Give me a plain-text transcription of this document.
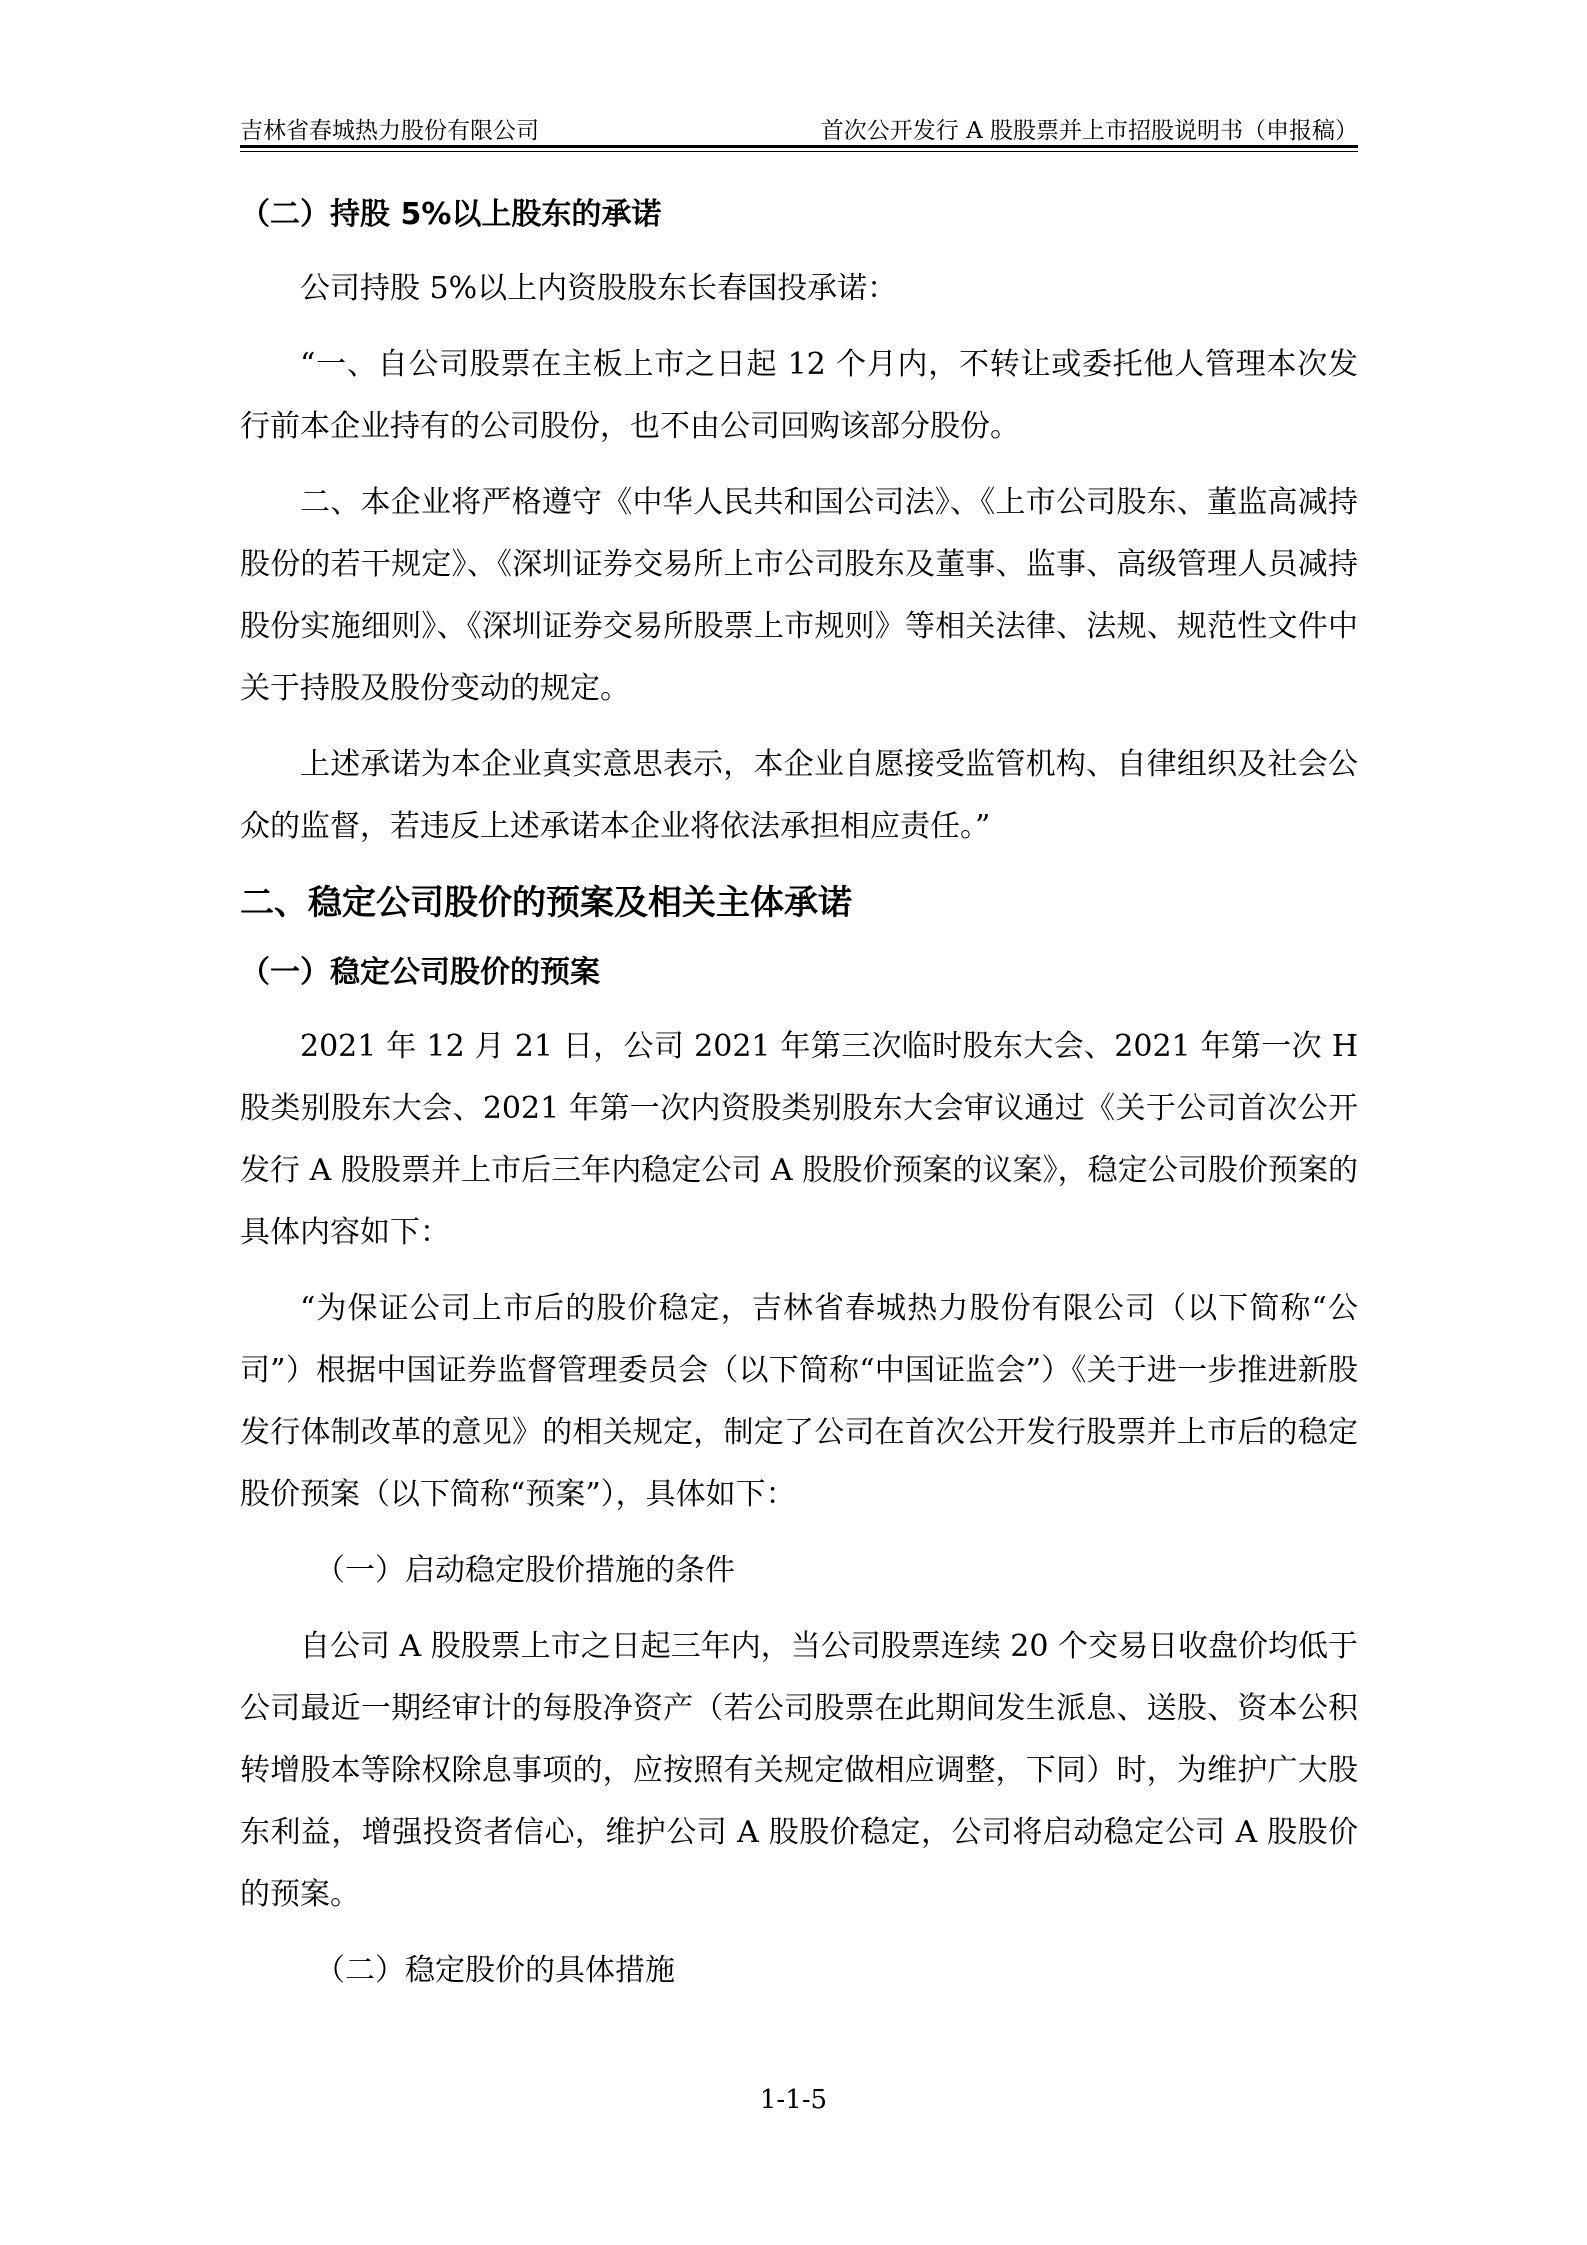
吉林省春城热力股份有限公司	首次公开发行 A 股股票并上市招股说明书（申报稿）
（二）持股 5%以上股东的承诺

公司持股 5%以上内资股股东长春国投承诺：

“一、自公司股票在主板上市之日起 12 个月内，不转让或委托他人管理本次发行前本企业持有的公司股份，也不由公司回购该部分股份。

二、本企业将严格遵守《中华人民共和国公司法》、《上市公司股东、董监高减持股份的若干规定》、《深圳证券交易所上市公司股东及董事、监事、高级管理人员减持股份实施细则》、《深圳证券交易所股票上市规则》等相关法律、法规、规范性文件中关于持股及股份变动的规定。

上述承诺为本企业真实意思表示，本企业自愿接受监管机构、自律组织及社会公众的监督，若违反上述承诺本企业将依法承担相应责任。”

二、稳定公司股价的预案及相关主体承诺
（一）稳定公司股价的预案

2021 年 12 月 21 日，公司 2021 年第三次临时股东大会、2021 年第一次 H 股类别股东大会、2021 年第一次内资股类别股东大会审议通过《关于公司首次公开发行 A 股股票并上市后三年内稳定公司 A 股股价预案的议案》，稳定公司股价预案的具体内容如下：

“为保证公司上市后的股价稳定，吉林省春城热力股份有限公司（以下简称“公司”）根据中国证券监督管理委员会（以下简称“中国证监会”）《关于进一步推进新股发行体制改革的意见》的相关规定，制定了公司在首次公开发行股票并上市后的稳定股价预案（以下简称“预案”），具体如下：

（一）启动稳定股价措施的条件

自公司 A 股股票上市之日起三年内，当公司股票连续 20 个交易日收盘价均低于公司最近一期经审计的每股净资产（若公司股票在此期间发生派息、送股、资本公积转增股本等除权除息事项的，应按照有关规定做相应调整，下同）时，为维护广大股东利益，增强投资者信心，维护公司 A 股股价稳定，公司将启动稳定公司 A 股股价的预案。

（二）稳定股价的具体措施

1-1-5
